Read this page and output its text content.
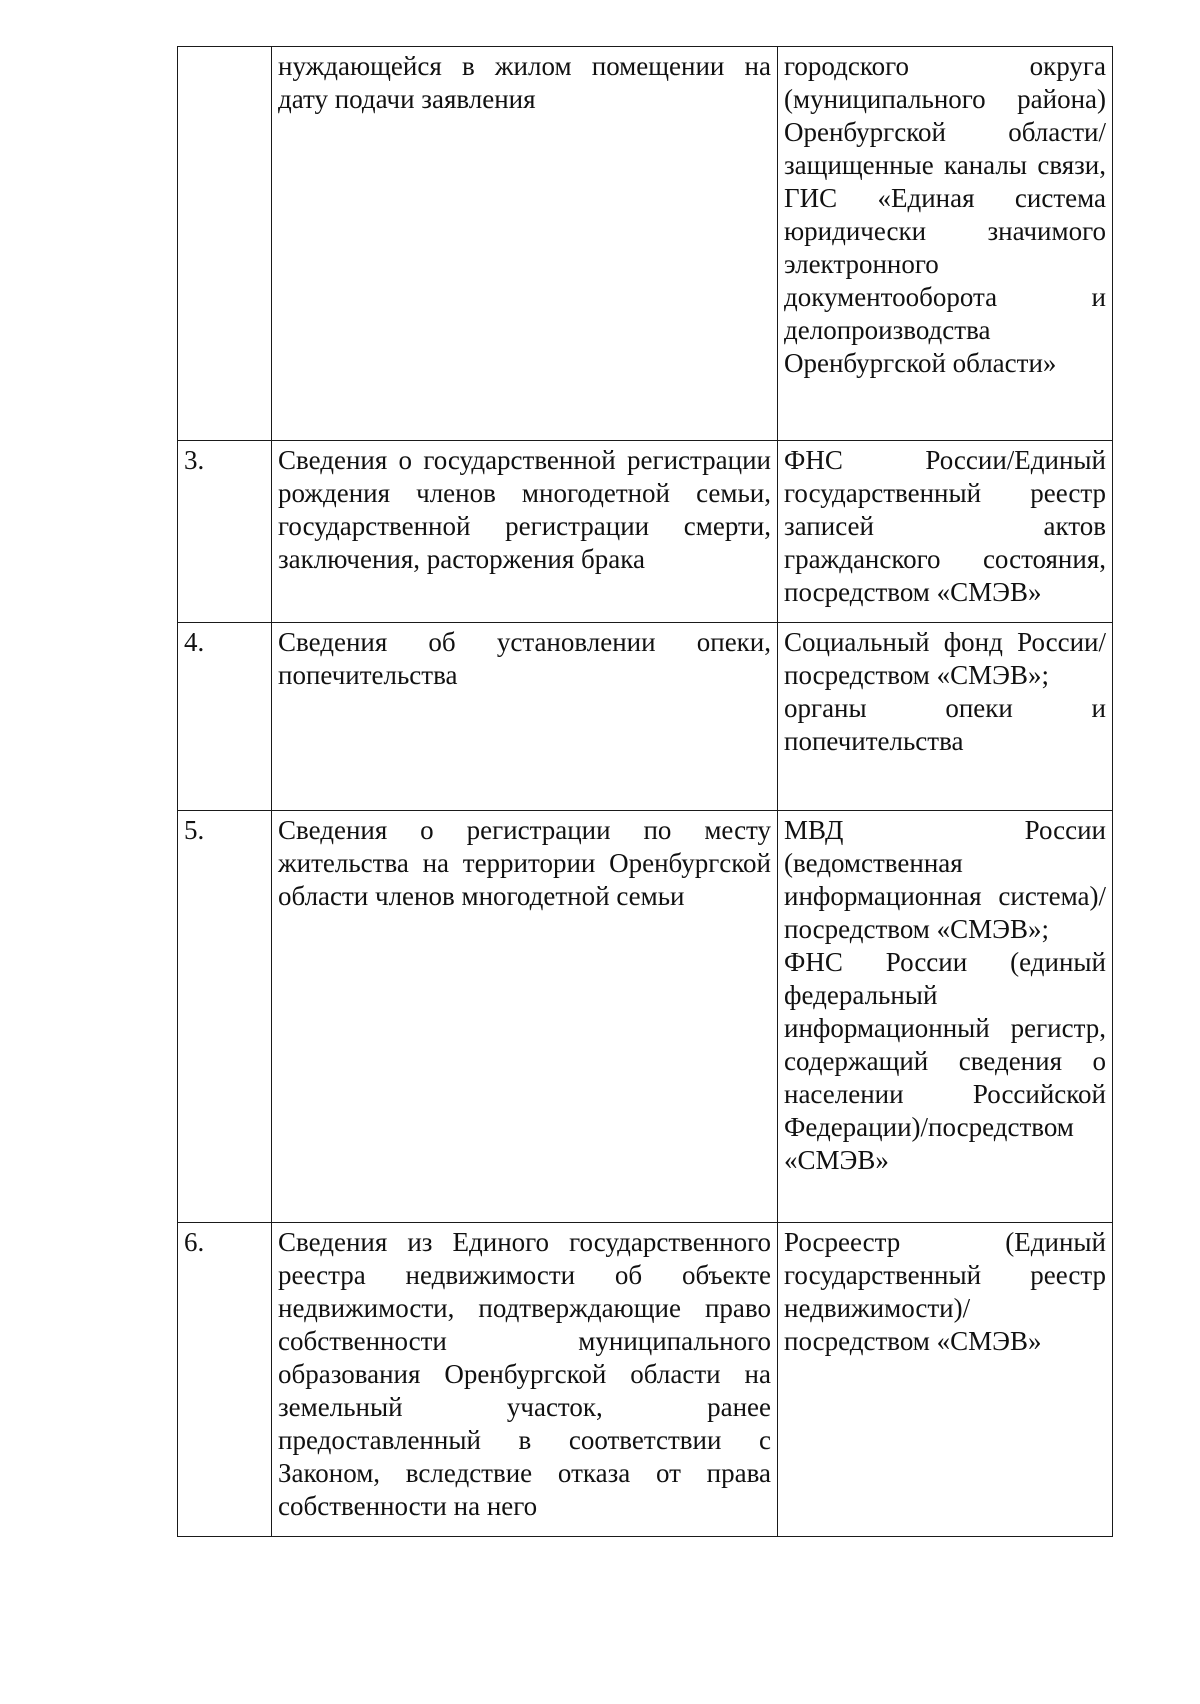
	нуждающейся в жилом помещении на дату подачи заявления	городского округа (муниципального района) Оренбургской области/защищенные каналы связи, ГИС «Единая система юридически значимого электронного документооборота и делопроизводства Оренбургской области»

3.	Сведения о государственной регистрации рождения членов многодетной семьи, государственной регистрации смерти, заключения, расторжения брака	ФНС России/Единый государственный реестр записей актов гражданского состояния, посредством «СМЭВ»

4.	Сведения об установлении опеки, попечительства	Социальный фонд России/посредством «СМЭВ»;
органы опеки и попечительства

5.	Сведения о регистрации по месту жительства на территории Оренбургской области членов многодетной семьи	МВД России (ведомственная информационная система)/посредством «СМЭВ»;
ФНС России (единый федеральный информационный регистр, содержащий сведения о населении Российской Федерации)/посредством «СМЭВ»

6.	Сведения из Единого государственного реестра недвижимости об объекте недвижимости, подтверждающие право собственности муниципального образования Оренбургской области на земельный участок, ранее предоставленный в соответствии с Законом, вследствие отказа от права собственности на него	Росреестр (Единый государственный реестр недвижимости)/ посредством «СМЭВ»
